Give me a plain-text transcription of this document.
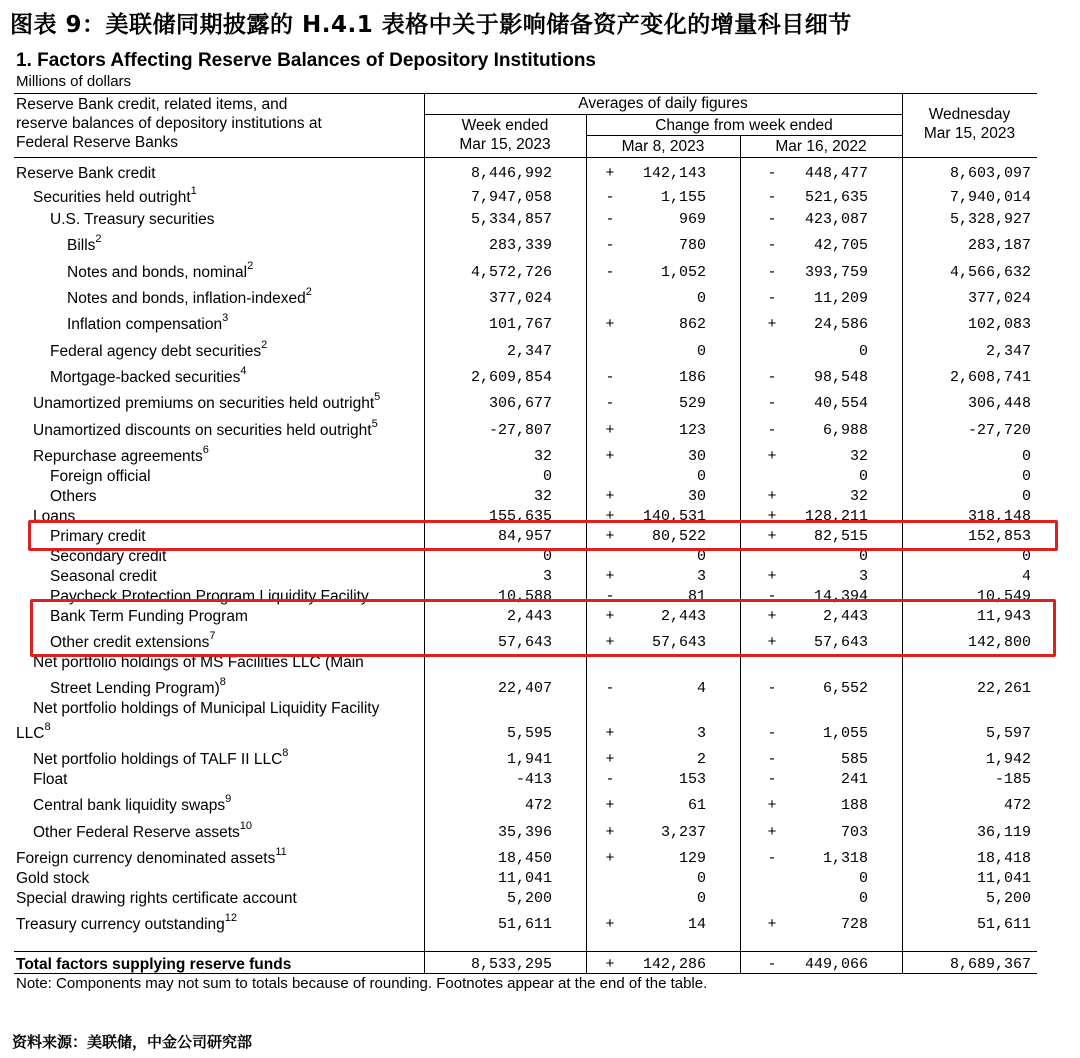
图表 9：美联储同期披露的 H.4.1 表格中关于影响储备资产变化的增量科目细节
1. Factors Affecting Reserve Balances of Depository Institutions
Millions of dollars
Reserve Bank credit, related items, and
reserve balances of depository institutions at
Federal Reserve Banks
Averages of daily figures
Week ended
Mar 15, 2023
Change from week ended
Mar 8, 2023	Mar 16, 2022
Wednesday
Mar 15, 2023
Reserve Bank credit	8,446,992	+	142,143	-	448,477	8,603,097
Securities held outright$^1$	7,947,058	-	1,155	-	521,635	7,940,014
U.S. Treasury securities	5,334,857	-	969	-	423,087	5,328,927
Bills$^2$	283,339	-	780	-	42,705	283,187
Notes and bonds, nominal$^2$	4,572,726	-	1,052	-	393,759	4,566,632
Notes and bonds, inflation-indexed$^2$	377,024	0	-	11,209	377,024
Inflation compensation$^3$	101,767	+	862	+	24,586	102,083
Federal agency debt securities$^2$	2,347	0	0	2,347
Mortgage-backed securities$^4$	2,609,854	-	186	-	98,548	2,608,741
Unamortized premiums on securities held outright$^5$	306,677	-	529	-	40,554	306,448
Unamortized discounts on securities held outright$^5$	-27,807	+	123	-	6,988	-27,720
Repurchase agreements$^6$	32	+	30	+	32	0
Foreign official	0	0	0	0
Others	32	+	30	+	32	0
Loans	155,635	+	140,531	+	128,211	318,148
Primary credit	84,957	+	80,522	+	82,515	152,853
Secondary credit	0	0	0	0
Seasonal credit	3	+	3	+	3	4
Paycheck Protection Program Liquidity Facility	10,588	-	81	-	14,394	10,549
Bank Term Funding Program	2,443	+	2,443	+	2,443	11,943
Other credit extensions$^7$	57,643	+	57,643	+	57,643	142,800
Net portfolio holdings of MS Facilities LLC (Main
Street Lending Program)$^8$	22,407	-	4	-	6,552	22,261
Net portfolio holdings of Municipal Liquidity Facility
LLC$^8$	5,595	+	3	-	1,055	5,597
Net portfolio holdings of TALF II LLC$^8$	1,941	+	2	-	585	1,942
Float	-413	-	153	-	241	-185
Central bank liquidity swaps$^9$	472	+	61	+	188	472
Other Federal Reserve assets$^{10}$	35,396	+	3,237	+	703	36,119
Foreign currency denominated assets$^{11}$	18,450	+	129	-	1,318	18,418
Gold stock	11,041	0	0	11,041
Special drawing rights certificate account	5,200	0	0	5,200
Treasury currency outstanding$^{12}$	51,611	+	14	+	728	51,611
Total factors supplying reserve funds	8,533,295	+	142,286	-	449,066	8,689,367
Note: Components may not sum to totals because of rounding. Footnotes appear at the end of the table.
资料来源：美联储，中金公司研究部
